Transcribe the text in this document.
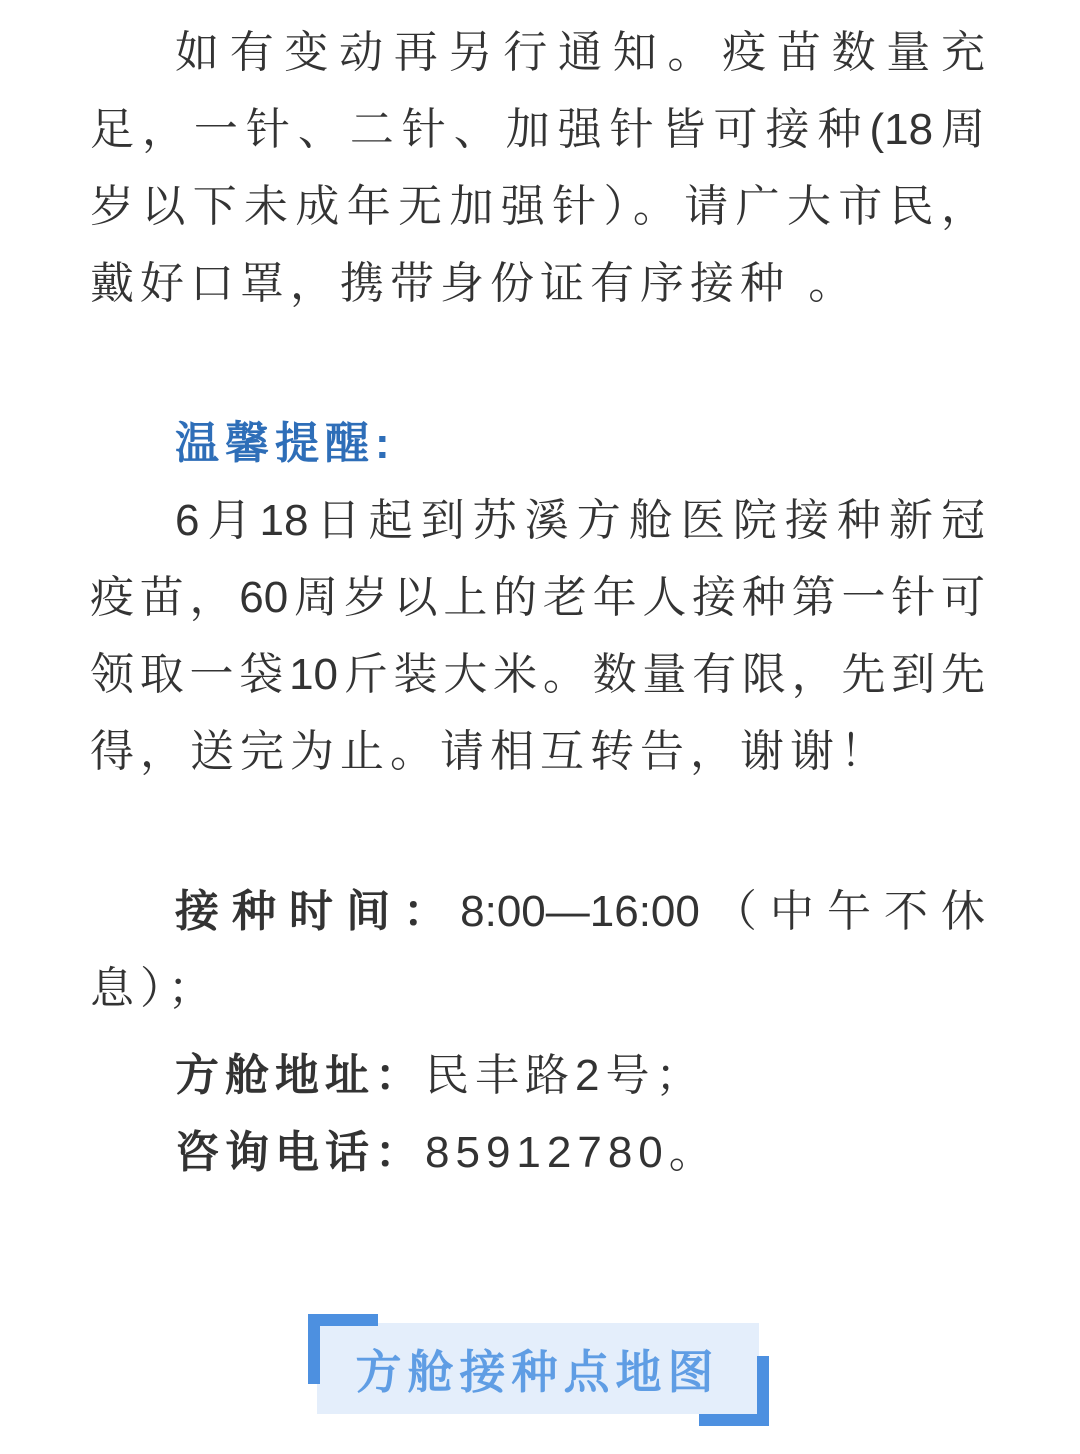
如有变动再另行通知。疫苗数量充
足，一针、二针、加强针皆可接种(18周
岁以下未成年无加强针）。请广大市民，
戴好口罩，携带身份证有序接种 。
温馨提醒:
6月18日起到苏溪方舱医院接种新冠
疫苗，60周岁以上的老年人接种第一针可
领取一袋10斤装大米。数量有限，先到先
得，送完为止。请相互转告，谢谢！
接种时间：8:00—16:00（中午不休
息）；
方舱地址：民丰路2号；
咨询电话：85912780。
方舱接种点地图
